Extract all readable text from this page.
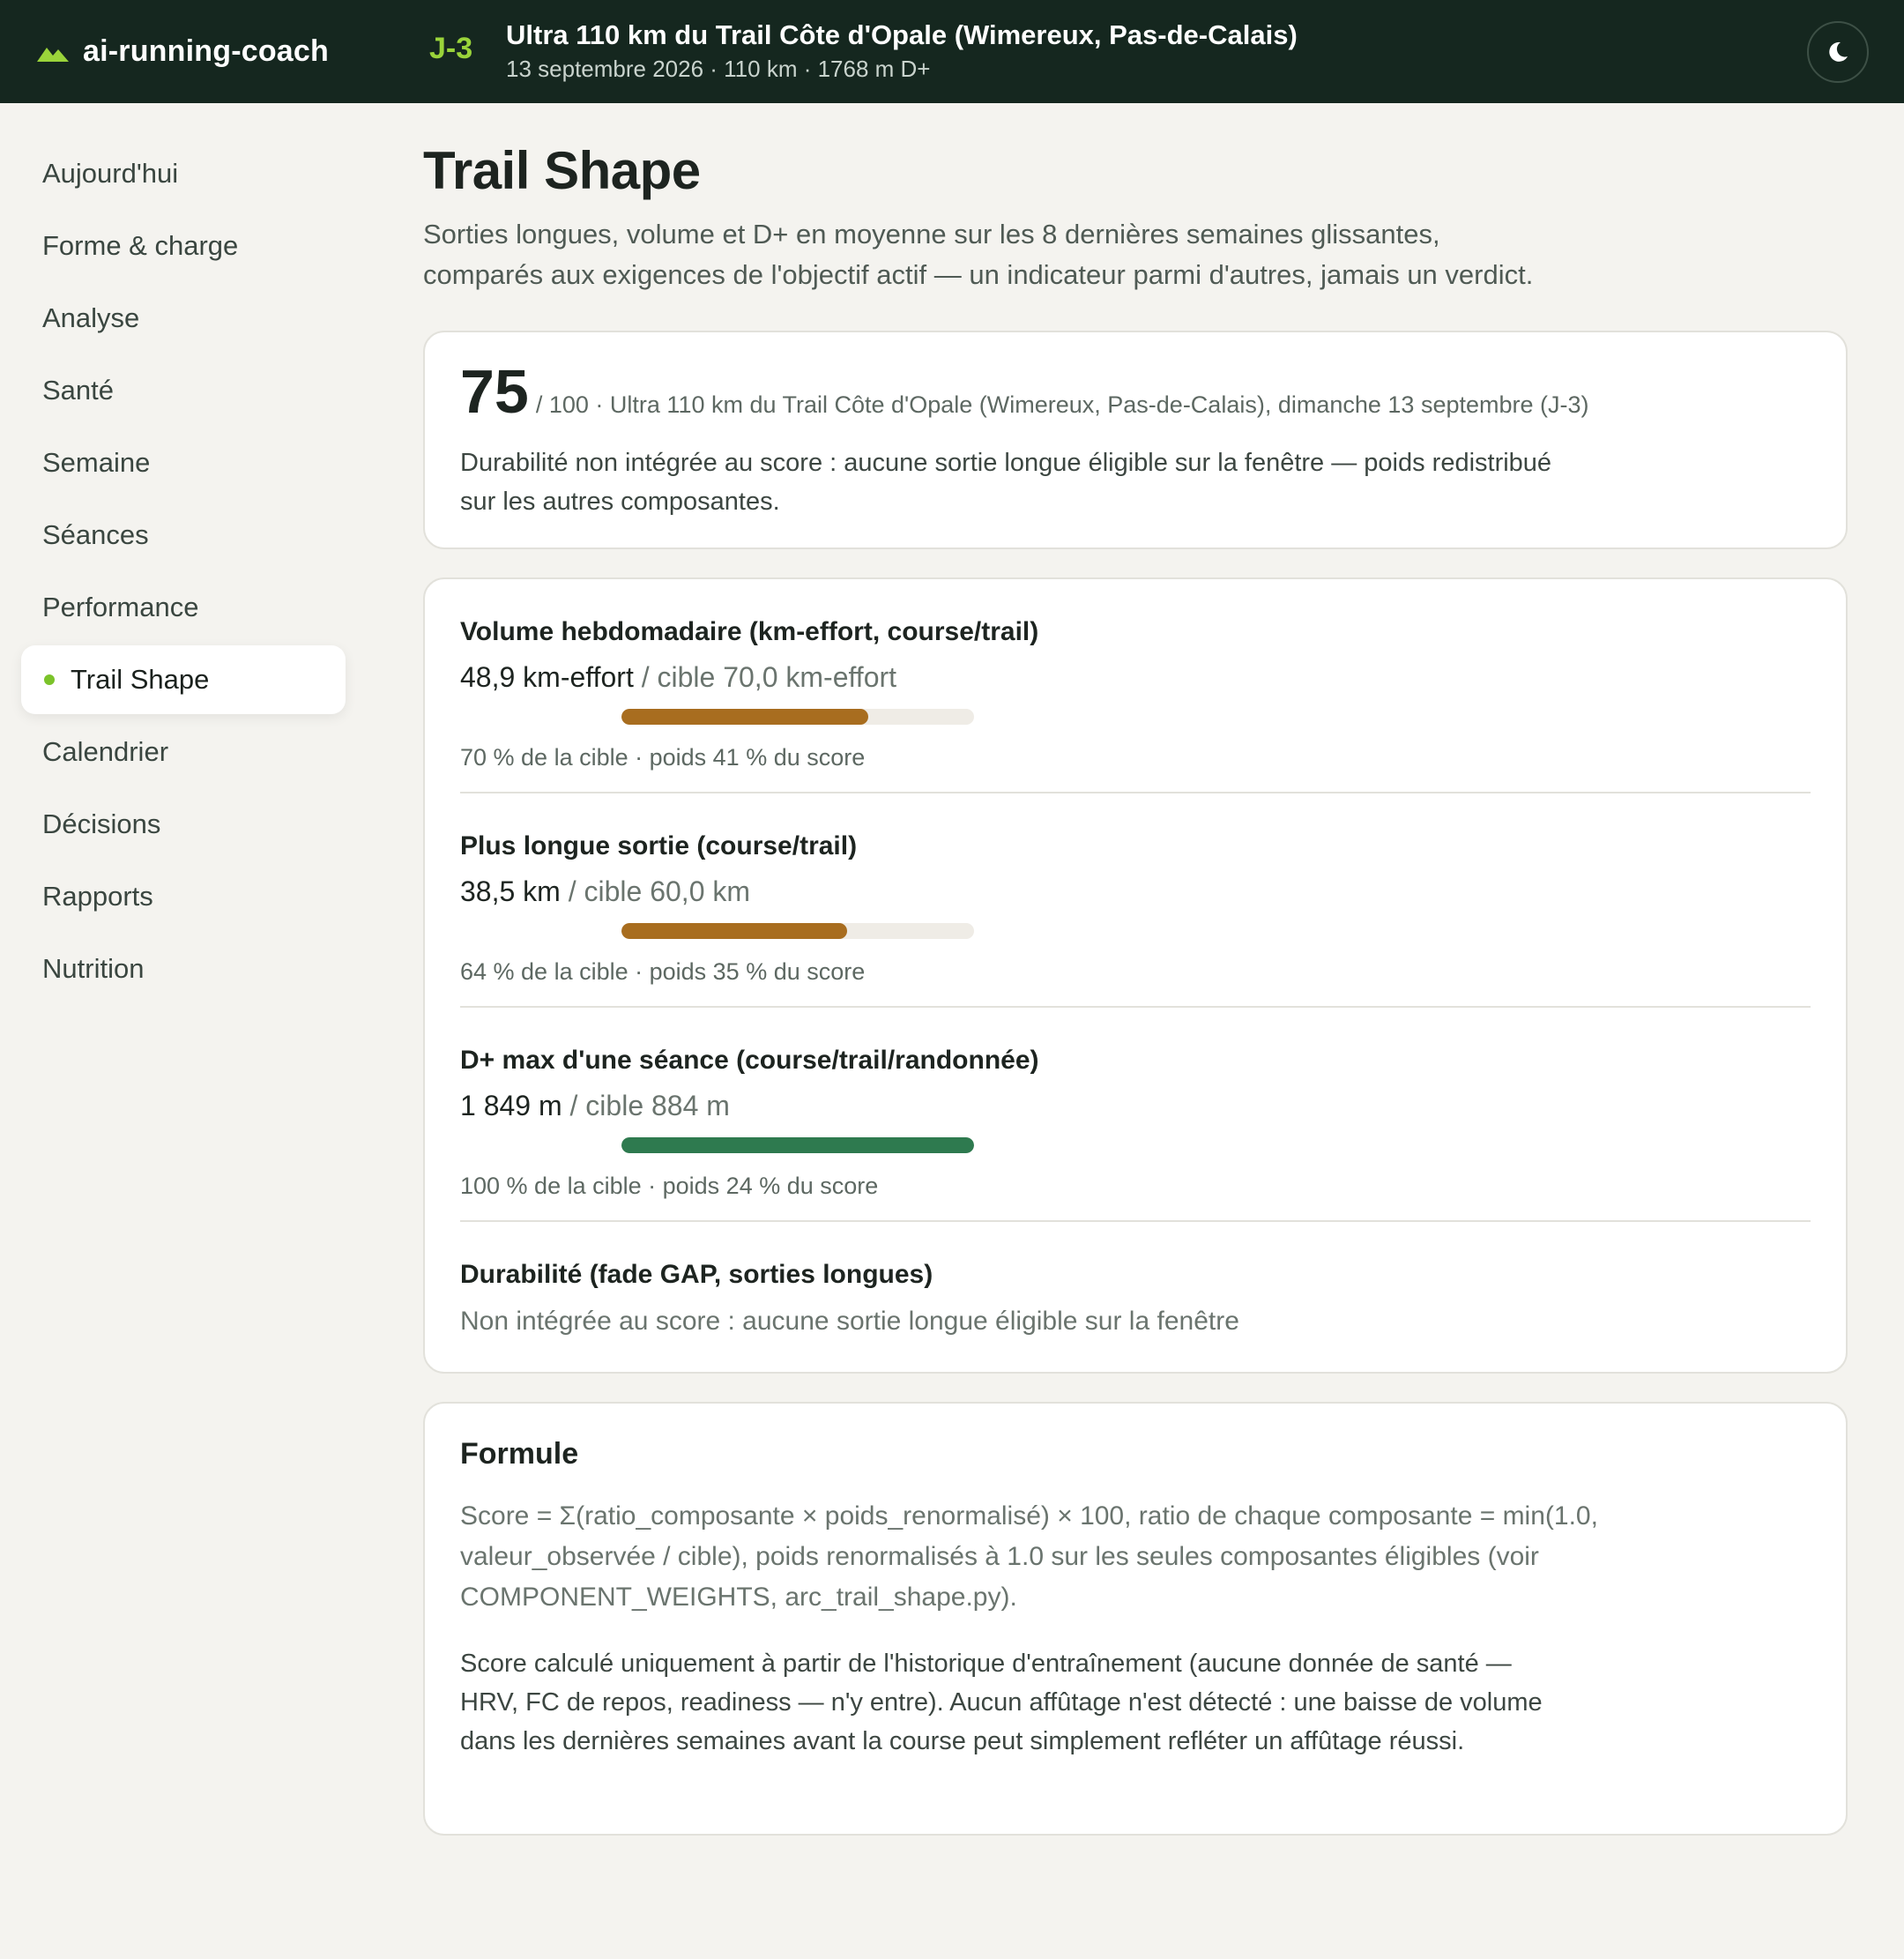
ai-running-coach	J-3 Ultra 110 km du Trail Côte d'Opale (Wimereux, Pas-de-Calais)
13 septembre 2026 · 110 km · 1768 m D+
Aujourd'hui
Forme & charge
Analyse
Santé
Semaine
Séances
Performance
Trail Shape
Calendrier
Décisions
Rapports
Nutrition
Trail Shape
Sorties longues, volume et D+ en moyenne sur les 8 dernières semaines glissantes,
comparés aux exigences de l'objectif actif — un indicateur parmi d'autres, jamais un verdict.
75 / 100 · Ultra 110 km du Trail Côte d'Opale (Wimereux, Pas-de-Calais), dimanche 13 septembre (J-3)

Durabilité non intégrée au score : aucune sortie longue éligible sur la fenêtre — poids redistribué sur les autres composantes.

Volume hebdomadaire (km-effort, course/trail)
48,9 km-effort / cible 70,0 km-effort
70 % de la cible · poids 41 % du score
Plus longue sortie (course/trail)
38,5 km / cible 60,0 km
64 % de la cible · poids 35 % du score
D+ max d'une séance (course/trail/randonnée)
1 849 m / cible 884 m
100 % de la cible · poids 24 % du score
Durabilité (fade GAP, sorties longues)
Non intégrée au score : aucune sortie longue éligible sur la fenêtre
Formule

Score = Σ(ratio_composante × poids_renormalisé) × 100, ratio de chaque composante = min(1.0, valeur_observée / cible), poids renormalisés à 1.0 sur les seules composantes éligibles (voir COMPONENT_WEIGHTS, arc_trail_shape.py).

Score calculé uniquement à partir de l'historique d'entraînement (aucune donnée de santé — HRV, FC de repos, readiness — n'y entre). Aucun affûtage n'est détecté : une baisse de volume dans les dernières semaines avant la course peut simplement refléter un affûtage réussi.
